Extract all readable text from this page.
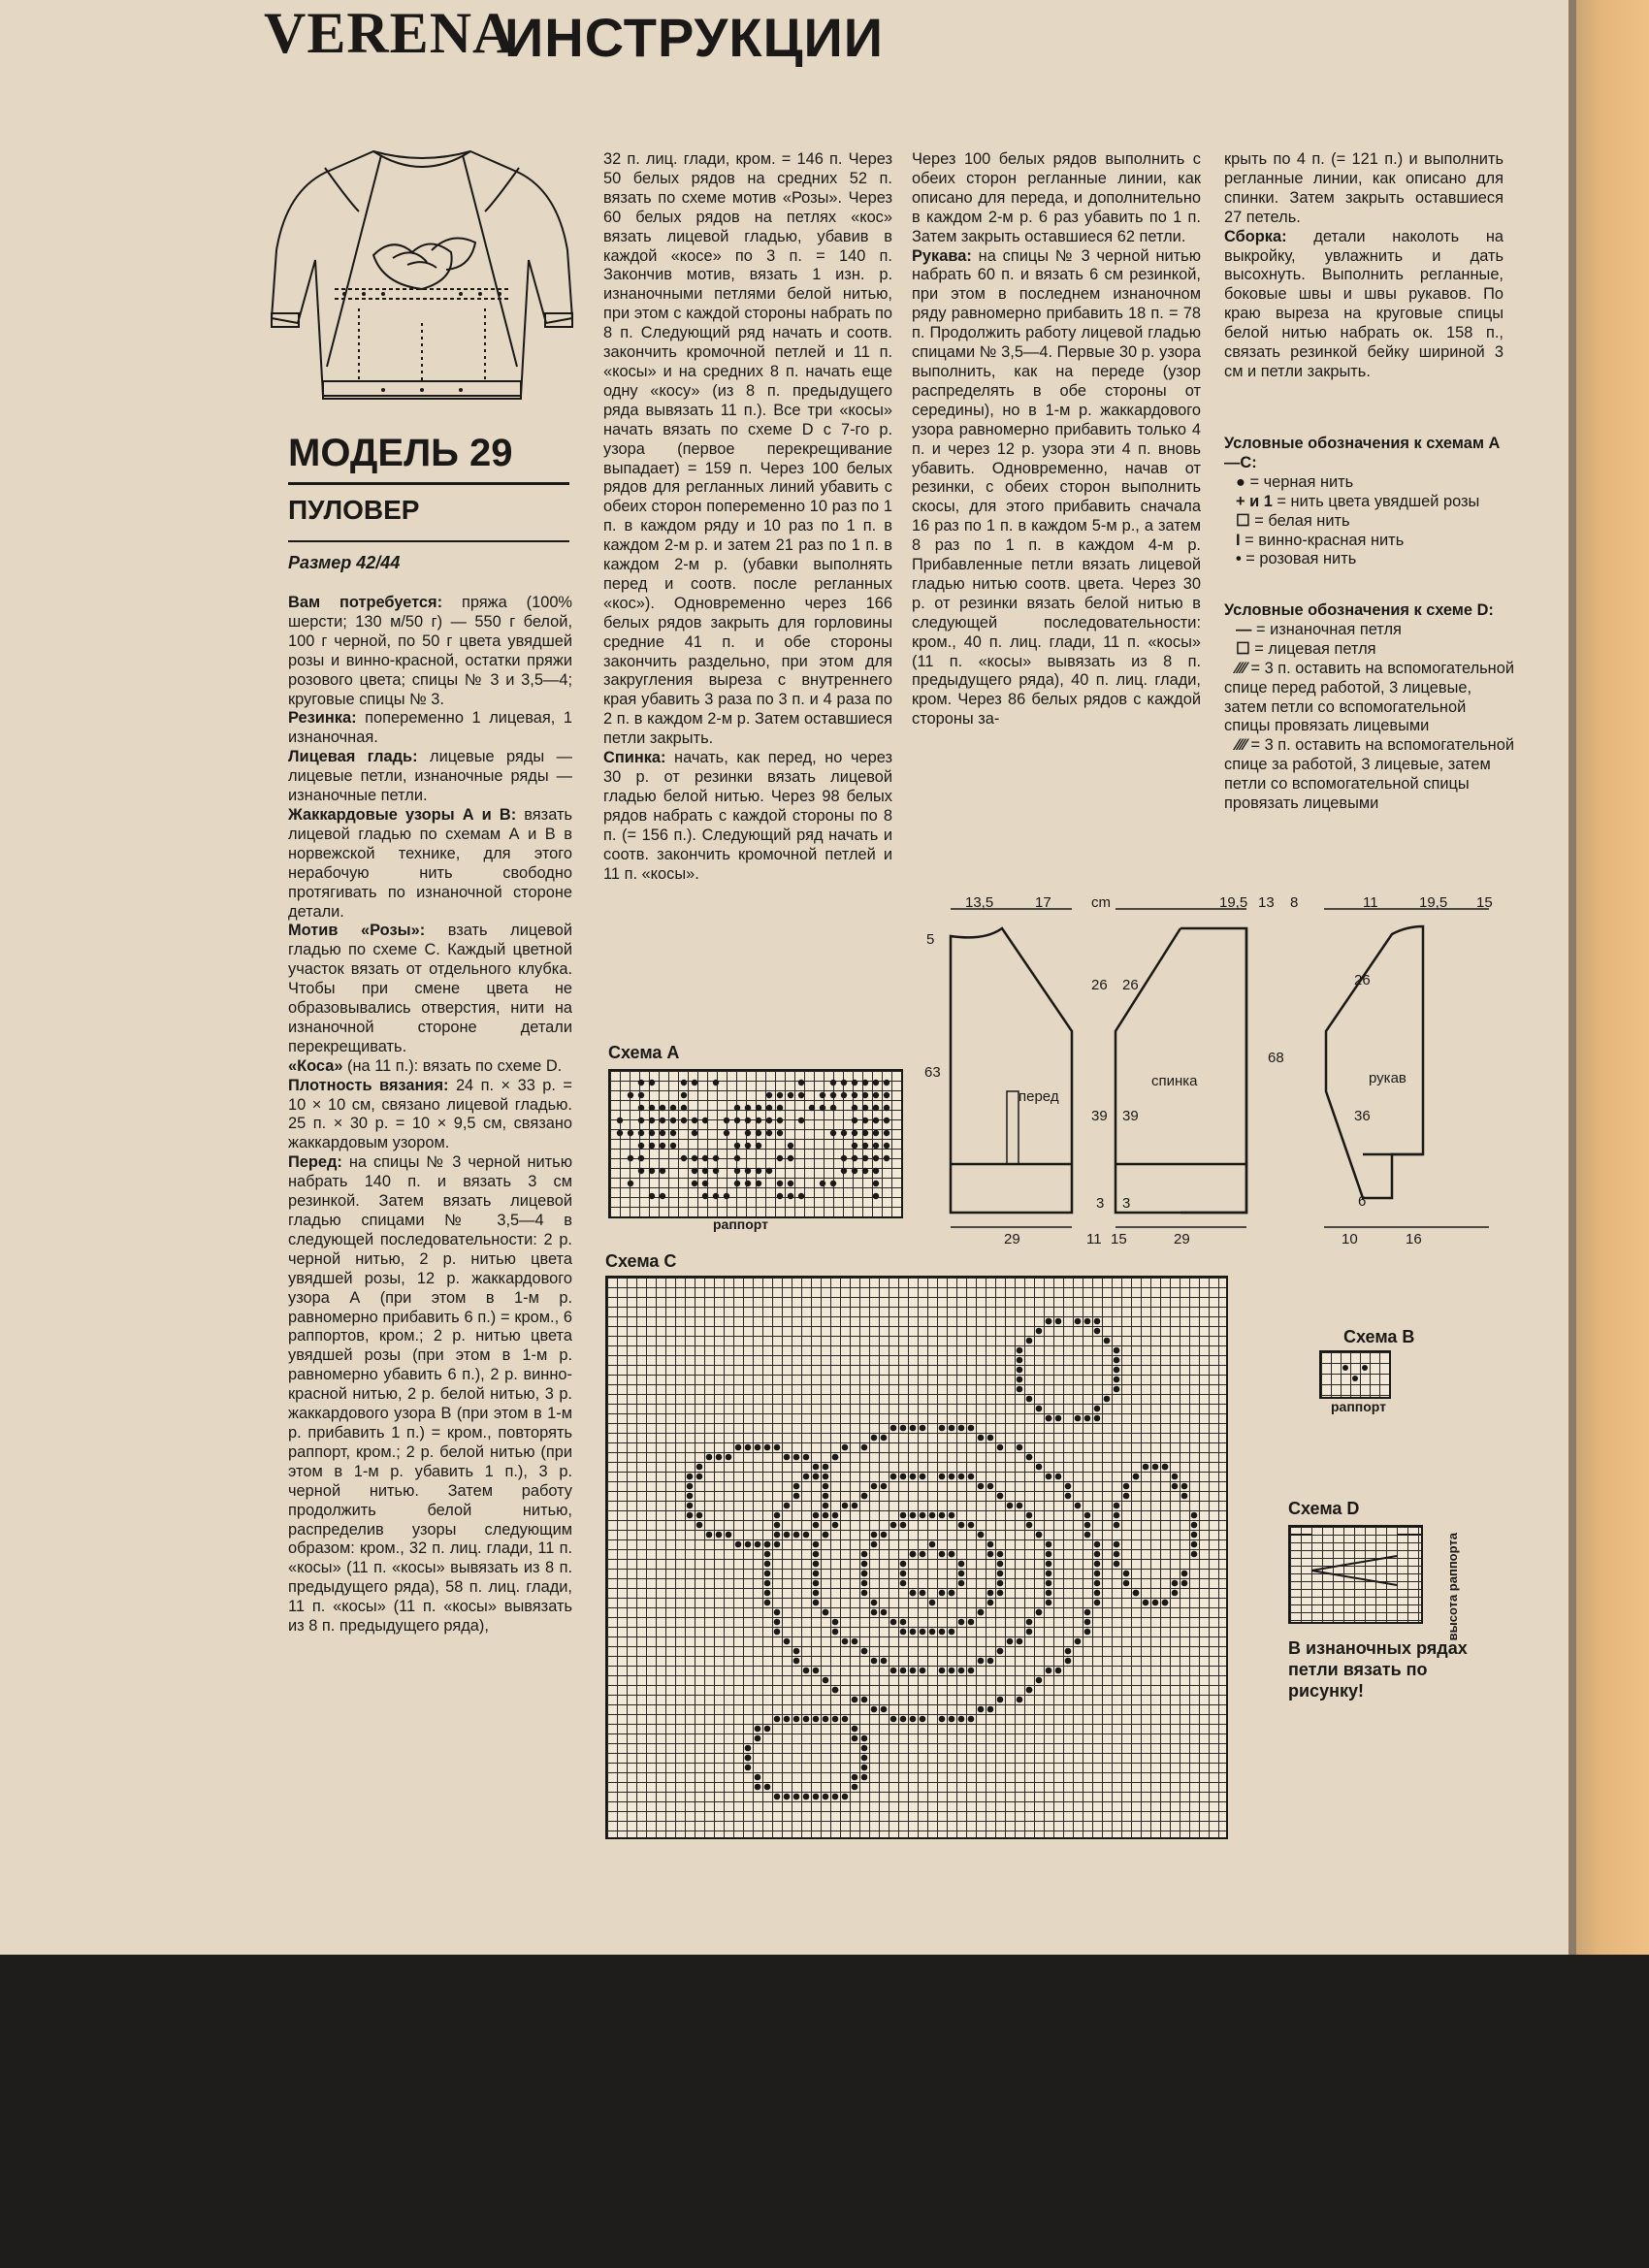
VERENA
ИНСТРУКЦИИ
МОДЕЛЬ 29
ПУЛОВЕР
Размер 42/44

Вам потребуется: пряжа (100% шерсти; 130 м/50 г) — 550 г белой, 100 г черной, по 50 г цвета увядшей розы и винно-красной, остатки пряжи розового цвета; спицы № 3 и 3,5—4; круговые спицы № 3.

Резинка: попеременно 1 лицевая, 1 изнаночная.

Лицевая гладь: лицевые ряды — лицевые петли, изнаночные ряды — изнаночные петли.

Жаккардовые узоры А и В: вязать лицевой гладью по схемам А и В в норвежской технике, для этого нерабочую нить свободно протягивать по изнаночной стороне детали.

Мотив «Розы»: взать лицевой гладью по схеме С. Каждый цветной участок вязать от отдельного клубка. Чтобы при смене цвета не образовывались отверстия, нити на изнаночной стороне детали перекрещивать.

«Коса» (на 11 п.): вязать по схеме D.

Плотность вязания: 24 п. × 33 р. = 10 × 10 см, связано лицевой гладью. 25 п. × 30 р. = 10 × 9,5 см, связано жаккардовым узором.

Перед: на спицы № 3 черной нитью набрать 140 п. и вязать 3 см резинкой. Затем вязать лицевой гладью спицами № 3,5—4 в следующей последовательности: 2 р. черной нитью, 2 р. нитью цвета увядшей розы, 12 р. жаккардового узора А (при этом в 1-м р. равномерно прибавить 6 п.) = кром., 6 раппортов, кром.; 2 р. нитью цвета увядшей розы (при этом в 1-м р. равномерно убавить 6 п.), 2 р. винно-красной нитью, 2 р. белой нитью, 3 р. жаккардового узора В (при этом в 1-м р. прибавить 1 п.) = кром., повторять раппорт, кром.; 2 р. белой нитью (при этом в 1-м р. убавить 1 п.), 3 р. черной нитью. Затем работу продолжить белой нитью, распределив узоры следующим образом: кром., 32 п. лиц. глади, 11 п. «косы» (11 п. «косы» вывязать из 8 п. предыдущего ряда), 58 п. лиц. глади, 11 п. «косы» (11 п. «косы» вывязать из 8 п. предыдущего ряда),

32 п. лиц. глади, кром. = 146 п. Через 50 белых рядов на средних 52 п. вязать по схеме мотив «Розы». Через 60 белых рядов на петлях «кос» вязать лицевой гладью, убавив в каждой «косе» по 3 п. = 140 п. Закончив мотив, вязать 1 изн. р. изнаночными петлями белой нитью, при этом с каждой стороны набрать по 8 п. Следующий ряд начать и соотв. закончить кромочной петлей и 11 п. «косы» и на средних 8 п. начать еще одну «косу» (из 8 п. предыдущего ряда вывязать 11 п.). Все три «косы» начать вязать по схеме D с 7-го р. узора (первое перекрещивание выпадает) = 159 п. Через 100 белых рядов для регланных линий убавить с обеих сторон попеременно 10 раз по 1 п. в каждом ряду и 10 раз по 1 п. в каждом 2-м р. и затем 21 раз по 1 п. в каждом 2-м р. (убавки выполнять перед и соотв. после регланных «кос»). Одновременно через 166 белых рядов закрыть для горловины средние 41 п. и обе стороны закончить раздельно, при этом для закругления выреза с внутреннего края убавить 3 раза по 3 п. и 4 раза по 2 п. в каждом 2-м р. Затем оставшиеся петли закрыть.

Спинка: начать, как перед, но через 30 р. от резинки вязать лицевой гладью белой нитью. Через 98 белых рядов набрать с каждой стороны по 8 п. (= 156 п.). Следующий ряд начать и соотв. закончить кромочной петлей и 11 п. «косы».

Через 100 белых рядов выполнить с обеих сторон регланные линии, как описано для переда, и дополнительно в каждом 2-м р. 6 раз убавить по 1 п. Затем закрыть оставшиеся 62 петли.

Рукава: на спицы № 3 черной нитью набрать 60 п. и вязать 6 см резинкой, при этом в последнем изнаночном ряду равномерно прибавить 18 п. = 78 п. Продолжить работу лицевой гладью спицами № 3,5—4. Первые 30 р. узора выполнить, как на переде (узор распределять в обе стороны от середины), но в 1-м р. жаккардового узора равномерно прибавить только 4 п. и через 12 р. узора эти 4 п. вновь убавить. Одновременно, начав от резинки, с обеих сторон выполнить скосы, для этого прибавить сначала 16 раз по 1 п. в каждом 5-м р., а затем 8 раз по 1 п. в каждом 4-м р. Прибавленные петли вязать лицевой гладью нитью соотв. цвета. Через 30 р. от резинки вязать белой нитью в следующей последовательности: кром., 40 п. лиц. глади, 11 п. «косы» (11 п. «косы» вывязать из 8 п. предыдущего ряда), 40 п. лиц. глади, кром. Через 86 белых рядов с каждой стороны за-

крыть по 4 п. (= 121 п.) и выполнить регланные линии, как описано для спинки. Затем закрыть оставшиеся 27 петель.

Сборка: детали наколоть на выкройку, увлажнить и дать высохнуть. Выполнить регланные, боковые швы и швы рукавов. По краю выреза на круговые спицы белой нитью набрать ок. 158 п., связать резинкой бейку шириной 3 см и петли закрыть.

Условные обозначения к схемам А—С:
● = черная нить
+ и 1 = нить цвета увядшей розы
☐ = белая нить
I = винно-красная нить
• = розовая нить
Условные обозначения к схеме D:
— = изнаночная петля
☐ = лицевая петля
⁄⁄⁄⁄ = 3 п. оставить на вспомогательной спице перед работой, 3 лицевые, затем петли со вспомогательной спицы провязать лицевыми
⁄⁄⁄⁄ = 3 п. оставить на вспомогательной спице за работой, 3 лицевые, затем петли со вспомогательной спицы провязать лицевыми
перед
спинка	рукав
13,5	17	cm
5
63
26
39
3
29
19,5 13 8
26
39
3
68
29
11 15
11	19,5 15
26
36
6
10	16
Схема А
раппорт
Схема С
Схема В
раппорт
Схема D
высота раппорта
В изнаночных рядах петли вязать по рисунку!
